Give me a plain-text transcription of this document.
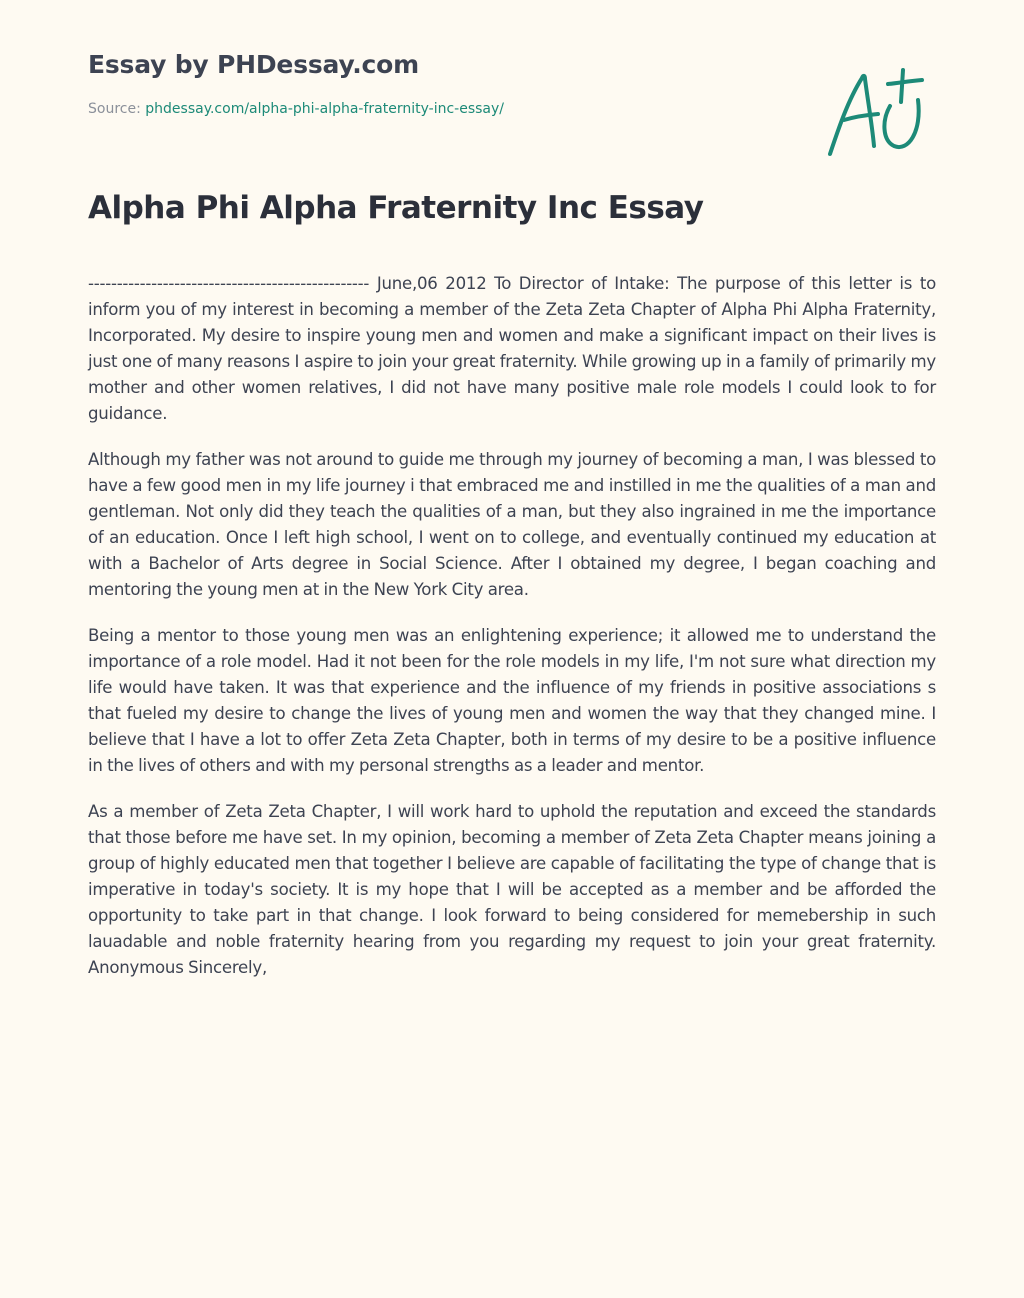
Essay by PHDessay.com
Source: phdessay.com/alpha-phi-alpha-fraternity-inc-essay/
Alpha Phi Alpha Fraternity Inc Essay

------------------------------------------------- June,06 2012 To Director of Intake: The purpose of this letter is to inform you of my interest in becoming a member of the Zeta Zeta Chapter of Alpha Phi Alpha Fraternity, Incorporated. My desire to inspire young men and women and make a significant impact on their lives is just one of many reasons I aspire to join your great fraternity. While growing up in a family of primarily my mother and other women relatives, I did not have many positive male role models I could look to for guidance.

Although my father was not around to guide me through my journey of becoming a man, I was blessed to have a few good men in my life journey i that embraced me and instilled in me the qualities of a man and gentleman. Not only did they teach the qualities of a man, but they also ingrained in me the importance of an education. Once I left high school, I went on to college, and eventually continued my education at with a Bachelor of Arts degree in Social Science. After I obtained my degree, I began coaching and mentoring the young men at in the New York City area.

Being a mentor to those young men was an enlightening experience; it allowed me to understand the importance of a role model. Had it not been for the role models in my life, I'm not sure what direction my life would have taken. It was that experience and the influence of my friends in positive associations s that fueled my desire to change the lives of young men and women the way that they changed mine. I believe that I have a lot to offer Zeta Zeta Chapter, both in terms of my desire to be a positive influence in the lives of others and with my personal strengths as a leader and mentor.

As a member of Zeta Zeta Chapter, I will work hard to uphold the reputation and exceed the standards that those before me have set. In my opinion, becoming a member of Zeta Zeta Chapter means joining a group of highly educated men that together I believe are capable of facilitating the type of change that is imperative in today's society. It is my hope that I will be accepted as a member and be afforded the opportunity to take part in that change. I look forward to being considered for memebership in such lauadable and noble fraternity hearing from you regarding my request to join your great fraternity. Anonymous Sincerely,
